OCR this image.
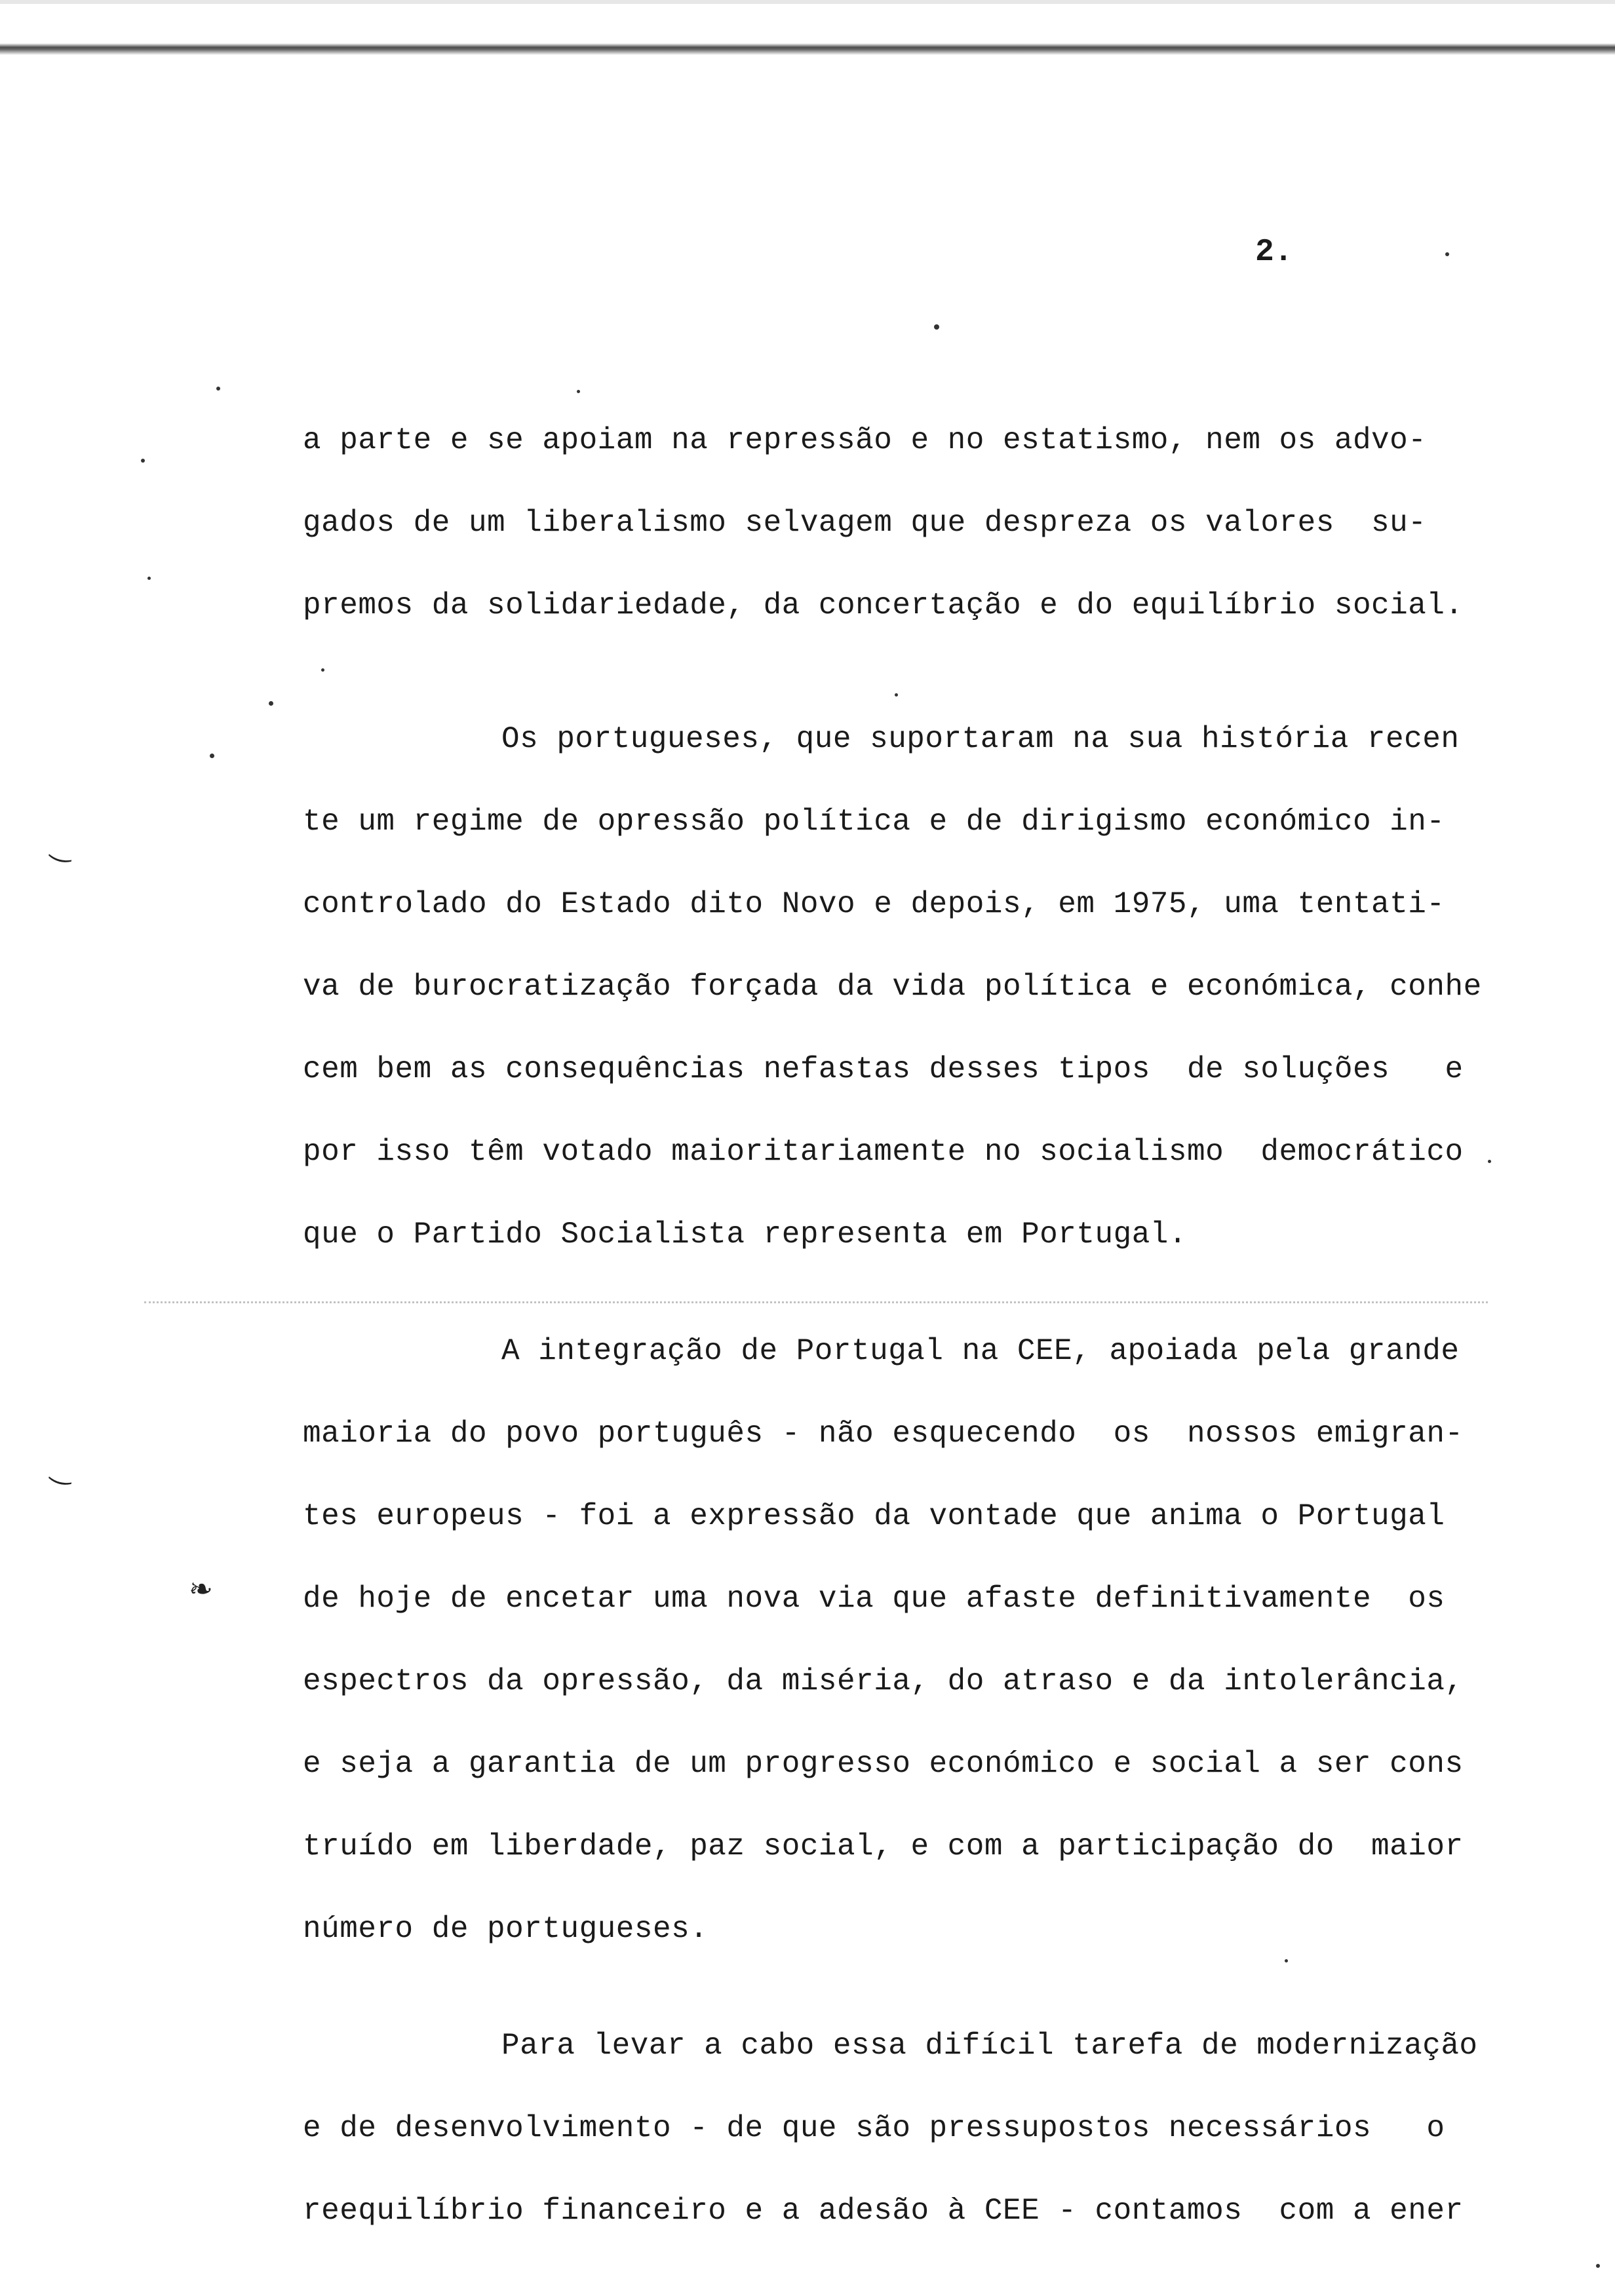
2.
a parte e se apoiam na repressão e no estatismo, nem os advo-
gados de um liberalismo selvagem que despreza os valores  su-
premos da solidariedade, da concertação e do equilíbrio social.
Os portugueses, que suportaram na sua história recen
te um regime de opressão política e de dirigismo económico in-
controlado do Estado dito Novo e depois, em 1975, uma tentati-
va de burocratização forçada da vida política e económica, conhe
cem bem as consequências nefastas desses tipos  de soluções   e
por isso têm votado maioritariamente no socialismo  democrático
que o Partido Socialista representa em Portugal.
A integração de Portugal na CEE, apoiada pela grande
maioria do povo português - não esquecendo  os  nossos emigran-
tes europeus - foi a expressão da vontade que anima o Portugal
de hoje de encetar uma nova via que afaste definitivamente  os
espectros da opressão, da miséria, do atraso e da intolerância,
e seja a garantia de um progresso económico e social a ser cons
truído em liberdade, paz social, e com a participação do  maior
número de portugueses.
Para levar a cabo essa difícil tarefa de modernização
e de desenvolvimento - de que são pressupostos necessários   o
reequilíbrio financeiro e a adesão à CEE - contamos  com a ener
❧
‿
‿
